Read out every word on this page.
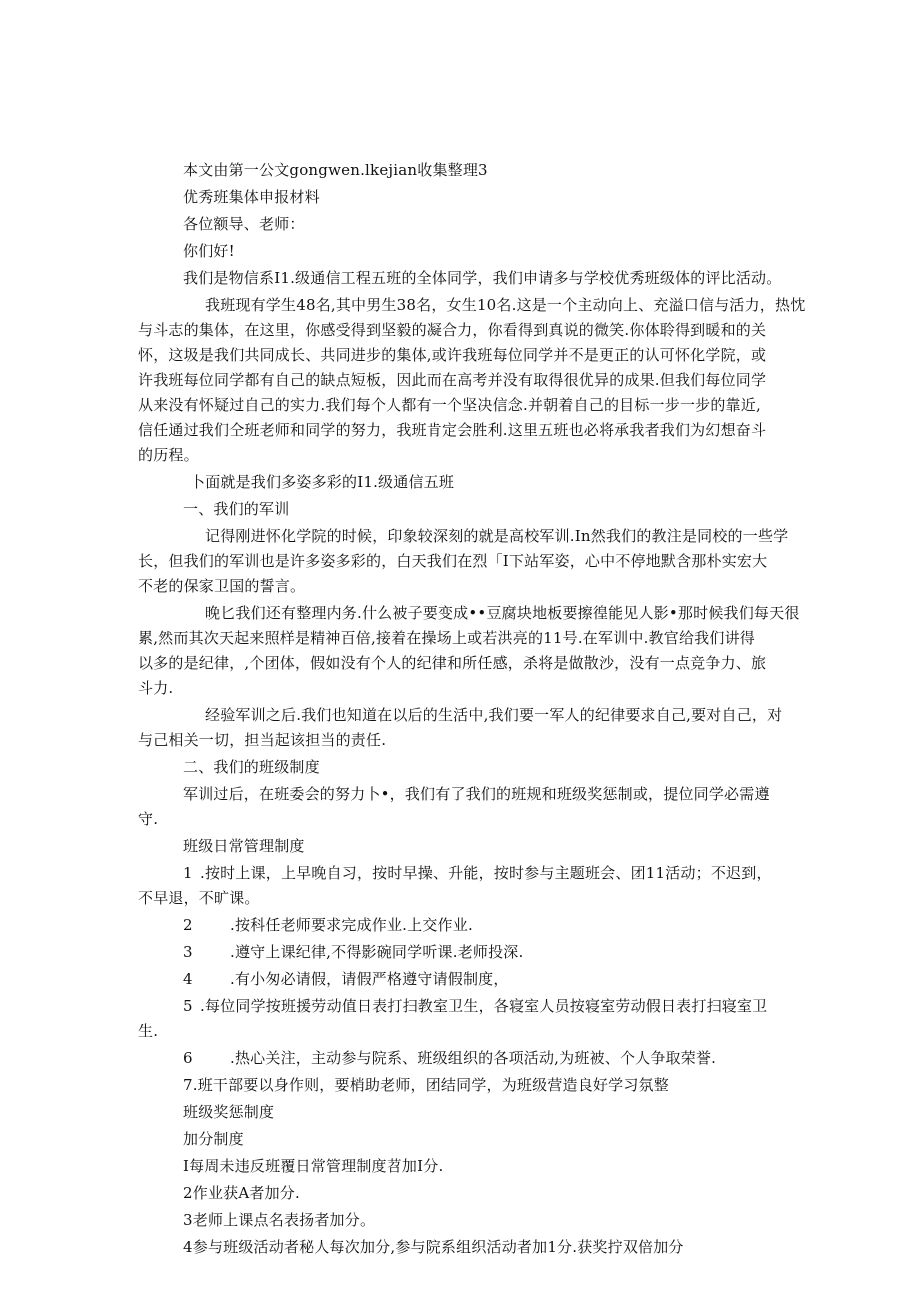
本文由第一公文gongwen.lkejian收集整理3
优秀班集体申报材料
各位额导、老师：
你们好!
我们是物信系I1.级通信工程五班的全体同学，我们申请多与学校优秀班级体的评比活动。
我班现有学生48名,其中男生38名，女生10名.这是一个主动向上、充溢口信与活力，热忱
与斗志的集体，在这里，你感受得到坚毅的凝合力，你看得到真说的微笑.你体聆得到暖和的关
怀，这圾是我们共同成长、共同进步的集体,或许我班每位同学并不是更正的认可怀化学院，或
许我班每位同学都有自己的缺点短板，因此而在高考并没有取得很优异的成果.但我们每位同学
从来没有怀疑过自己的实力.我们每个人都有一个坚决信念.并朝着自己的目标一步一步的靠近,
信任通过我们仝班老师和同学的努力，我班肯定会胜利.这里五班也必将承我者我们为幻想奋斗
的历程。
卜面就是我们多姿多彩的I1.级通信五班
一、我们的军训
记得刚进怀化学院的时候，印象较深刻的就是高校军训.In然我们的教注是同校的一些学
长，但我们的军训也是许多姿多彩的，白天我们在烈「I下站军姿，心中不停地默含那朴实宏大
不老的保家卫国的誓言。
晚匕我们还有整理内务.什么被子要变成••豆腐块地板要擦徨能见人影•那时候我们每天很
累,然而其次天起来照样是精神百倍,接着在操场上或若洪亮的11号.在军训中.教官给我们讲得
以多的是纪律，,个团体，假如没有个人的纪律和所任感，杀将是做散沙，没有一点竞争力、旅
斗力.
经验军训之后.我们也知道在以后的生活中,我们要一军人的纪律要求自己,要对自己，对
与己相关一切，担当起该担当的责任.
二、我们的班级制度
军训过后，在班委会的努力卜•，我们有了我们的班规和班级奖惩制或，提位同学必需遵
守.
班级日常管理制度
1 .按时上课，上早晚自习，按时早操、升能，按时参与主题班会、团11活动；不迟到，
不早退，不旷课。
2 .按科任老师要求完成作业.上交作业.
3 .遵守上课纪律,不得影碗同学听课.老师投深.
4 .有小匆必请假，请假严格遵守请假制度，
5 .每位同学按班援劳动值日表打扫教室卫生，各寝室人员按寝室劳动假日表打扫寝室卫
生.
6 .热心关注，主动参与院系、班级组织的各项活动,为班被、个人争取荣誉.
7.班干部要以身作则，要梢助老师，团结同学，为班级营造良好学习氛整
班级奖惩制度
加分制度
I每周未违反班覆日常管理制度苕加I分.
2作业获A者加分.
3老师上课点名表扬者加分。
4参与班级活动者秘人每次加分,参与院系组织活动者加1分.获奖拧双倍加分
